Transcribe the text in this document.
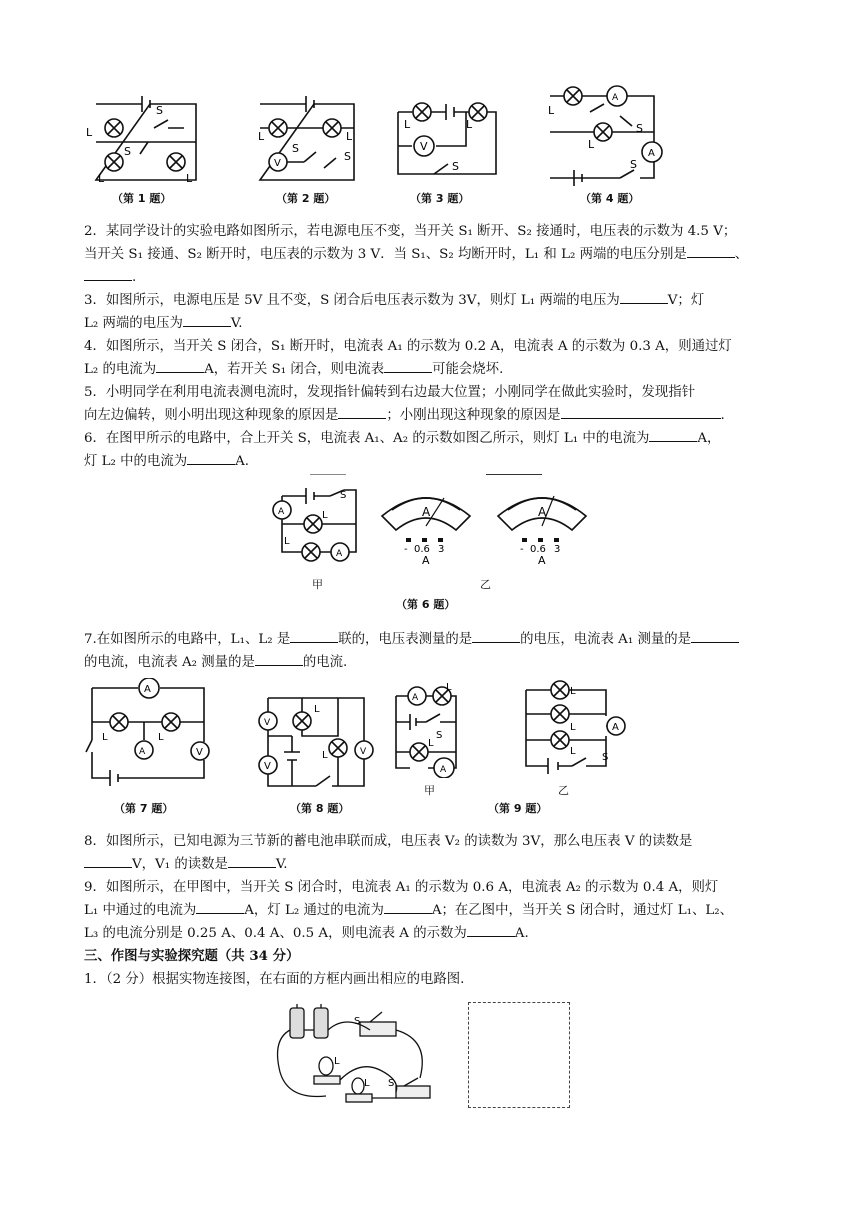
L
S
S
L	L
（第 1 题）
V
L	L
S
S
（第 2 题）
V
L	L
S
（第 3 题）
A
A
L
L
S
S
（第 4 题）
2．某同学设计的实验电路如图所示，若电源电压不变，当开关 S₁ 断开、S₂ 接通时，电压表的示数为 4.5 V；
当开关 S₁ 接通、S₂ 断开时，电压表的示数为 3 V．当 S₁、S₂ 均断开时，L₁ 和 L₂ 两端的电压分别是	、
.
3．如图所示，电源电压是 5V 且不变，S 闭合后电压表示数为 3V，则灯 L₁ 两端的电压为	V；灯
L₂ 两端的电压为	V.
4．如图所示，当开关 S 闭合，S₁ 断开时，电流表 A₁ 的示数为 0.2 A，电流表 A 的示数为 0.3 A，则通过灯
L₂ 的电流为	A，若开关 S₁ 闭合，则电流表	可能会烧坏.
5．小明同学在利用电流表测电流时，发现指针偏转到右边最大位置；小刚同学在做此实验时，发现指针
向左边偏转，则小明出现这种现象的原因是	；小刚出现这种现象的原因是	.
6．在图甲所示的电路中，合上开关 S，电流表 A₁、A₂ 的示数如图乙所示，则灯 L₁ 中的电流为	A，
灯 L₂ 中的电流为	A.
A
A
S
L
L
甲
- 0.6 3
A
A
- 0.6 3
A
A
乙
（第 6 题）
7.在如图所示的电路中，L₁、L₂ 是	联的，电压表测量的是	的电压，电流表 A₁ 测量的是
的电流，电流表 A₂ 测量的是	的电流.
A
A	V
L	L
（第 7 题）
V
V
V
L
L
（第 8 题）
A
A
L
S
L
甲
（第 9 题）
A
L
L
L
S
乙
8．如图所示，已知电源为三节新的蓄电池串联而成，电压表 V₂ 的读数为 3V，那么电压表 V 的读数是
V，V₁ 的读数是	V.
9．如图所示，在甲图中，当开关 S 闭合时，电流表 A₁ 的示数为 0.6 A，电流表 A₂ 的示数为 0.4 A，则灯
L₁ 中通过的电流为	A，灯 L₂ 通过的电流为	A；在乙图中，当开关 S 闭合时，通过灯 L₁、L₂、
L₃ 的电流分别是 0.25 A、0.4 A、0.5 A，则电流表 A 的示数为	A.
三、作图与实验探究题（共 34 分）
1．（2 分）根据实物连接图，在右面的方框内画出相应的电路图.
S
L
L S
